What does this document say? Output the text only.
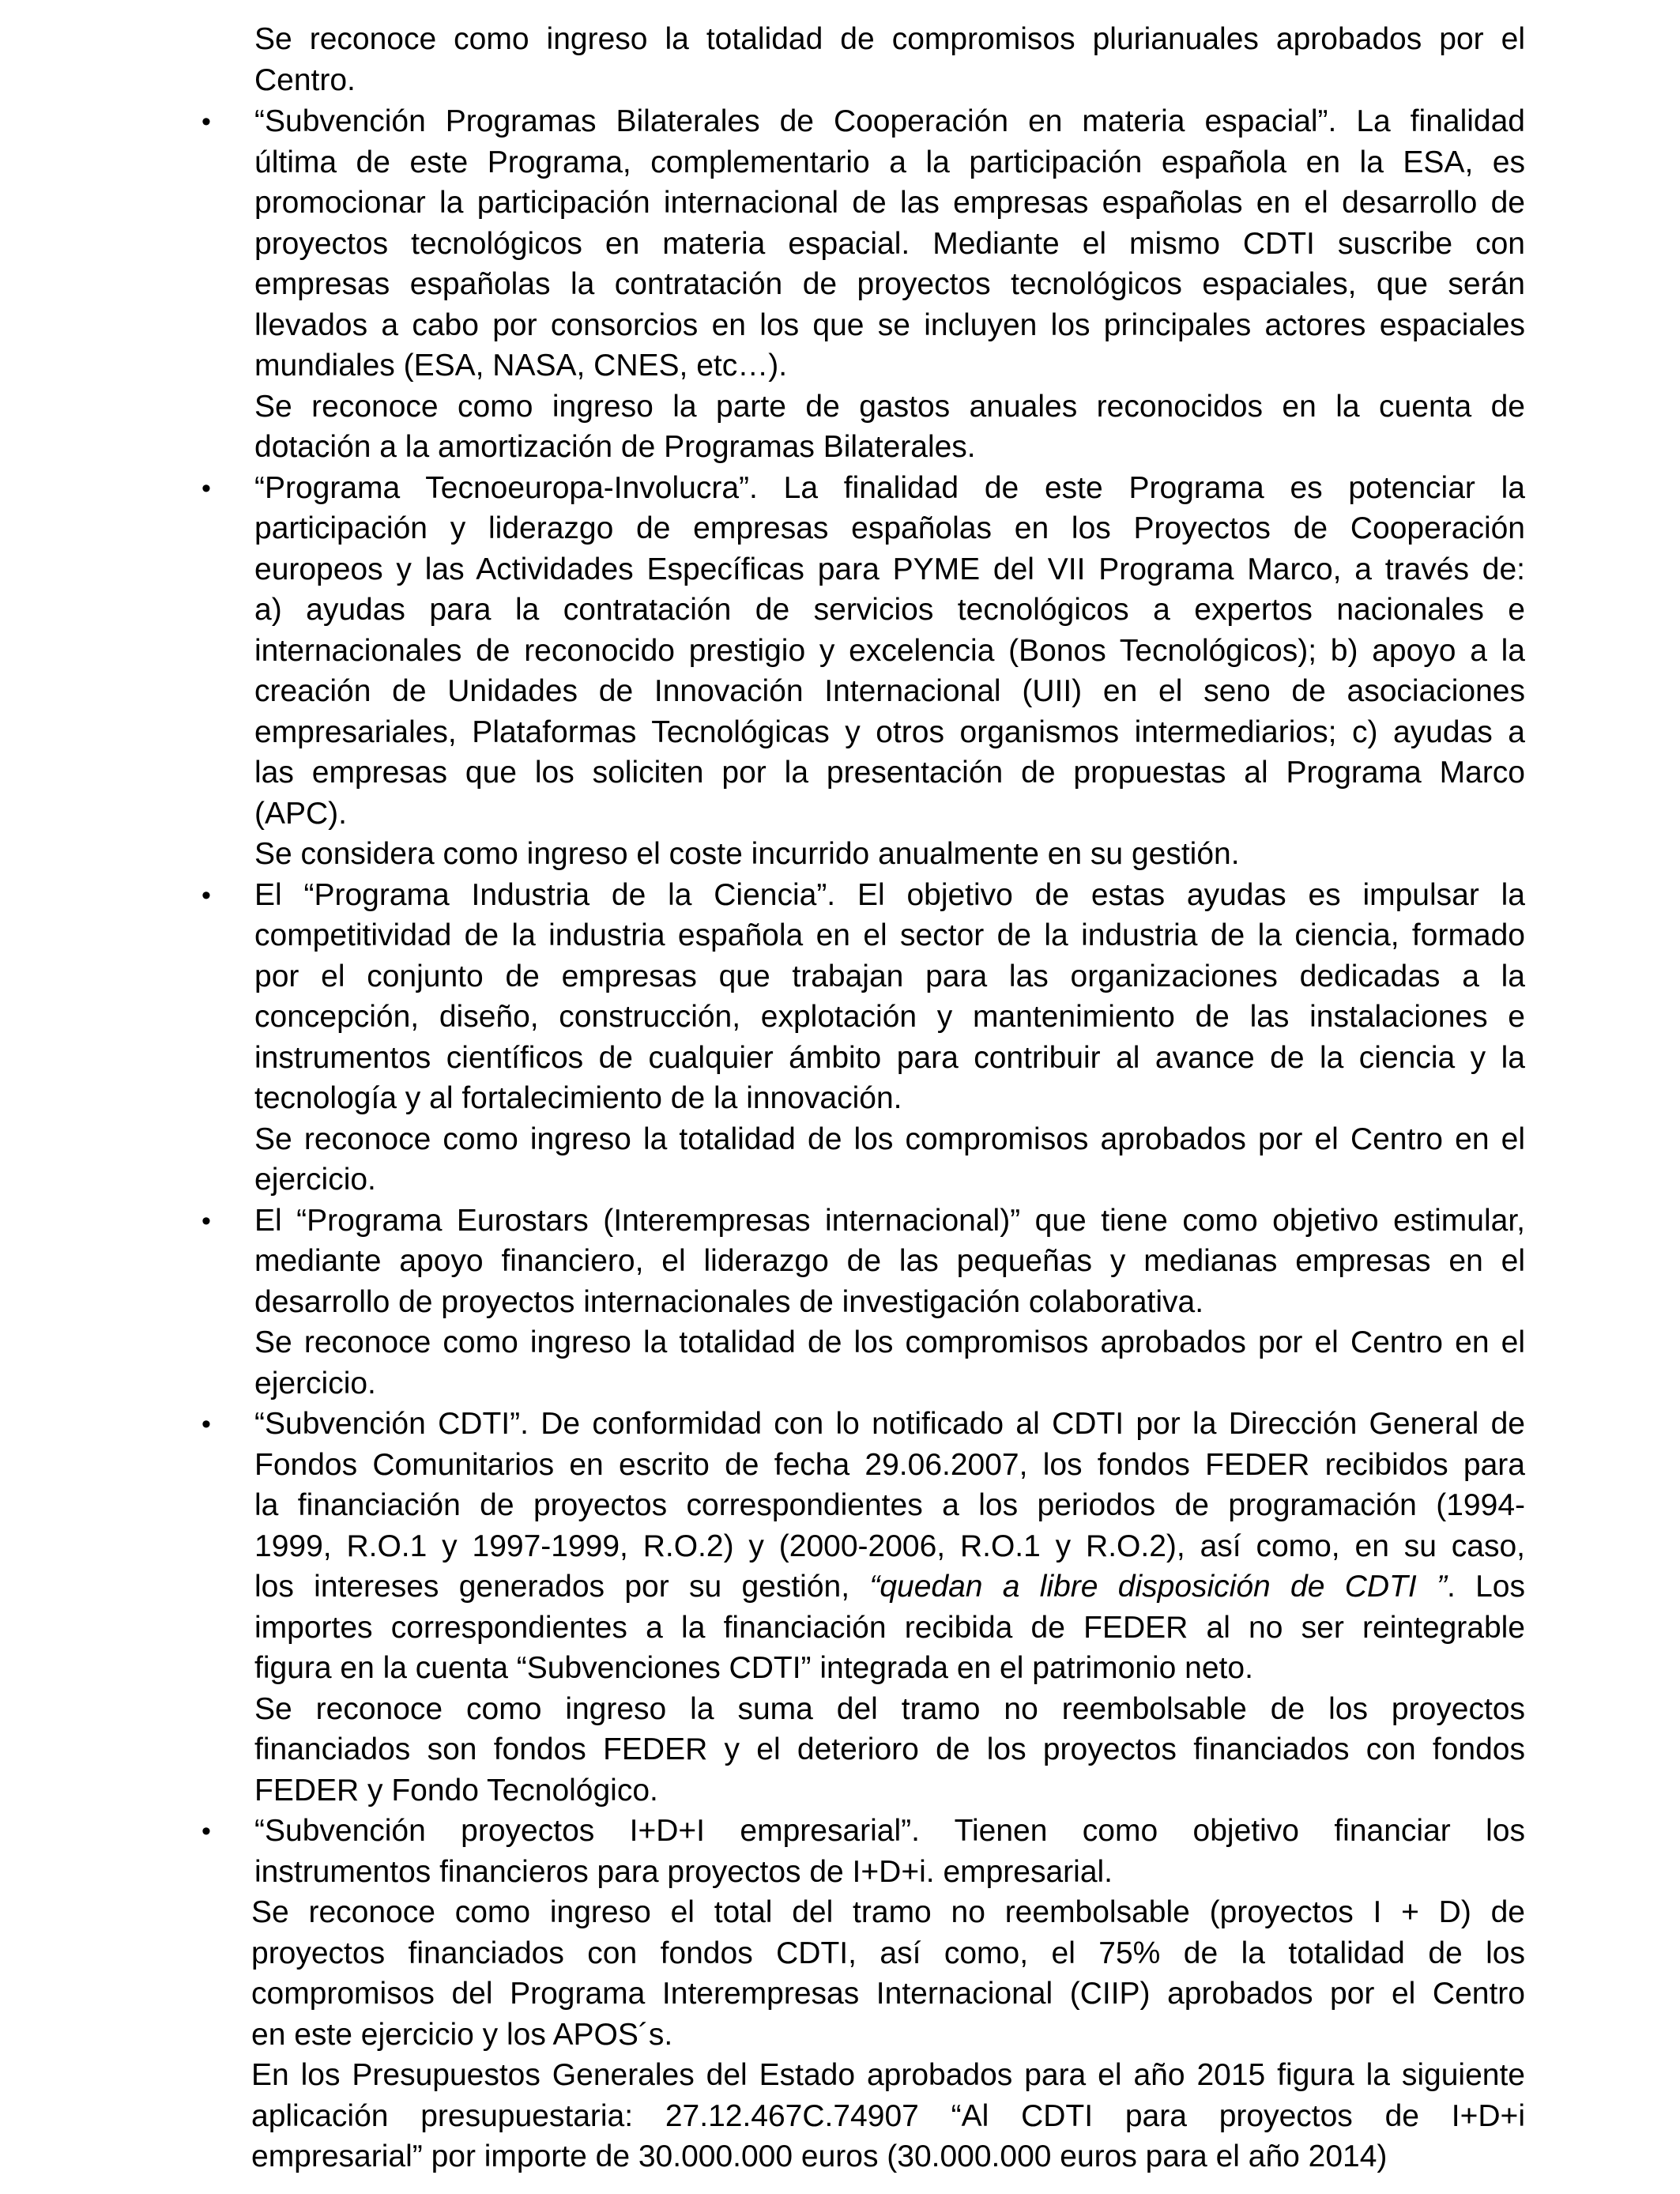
Se reconoce como ingreso la totalidad de compromisos plurianuales aprobados por el
Centro.
• “Subvención Programas Bilaterales de Cooperación en materia espacial”. La finalidad
última de este Programa, complementario a la participación española en la ESA, es
promocionar la participación internacional de las empresas españolas en el desarrollo de
proyectos tecnológicos en materia espacial. Mediante el mismo CDTI suscribe con
empresas españolas la contratación de proyectos tecnológicos espaciales, que serán
llevados a cabo por consorcios en los que se incluyen los principales actores espaciales
mundiales (ESA, NASA, CNES, etc…).
Se reconoce como ingreso la parte de gastos anuales reconocidos en la cuenta de
dotación a la amortización de Programas Bilaterales.
• “Programa Tecnoeuropa-Involucra”. La finalidad de este Programa es potenciar la
participación y liderazgo de empresas españolas en los Proyectos de Cooperación
europeos y las Actividades Específicas para PYME del VII Programa Marco, a través de:
a) ayudas para la contratación de servicios tecnológicos a expertos nacionales e
internacionales de reconocido prestigio y excelencia (Bonos Tecnológicos); b) apoyo a la
creación de Unidades de Innovación Internacional (UII) en el seno de asociaciones
empresariales, Plataformas Tecnológicas y otros organismos intermediarios; c) ayudas a
las empresas que los soliciten por la presentación de propuestas al Programa Marco
(APC).
Se considera como ingreso el coste incurrido anualmente en su gestión.
• El “Programa Industria de la Ciencia”. El objetivo de estas ayudas es impulsar la
competitividad de la industria española en el sector de la industria de la ciencia, formado
por el conjunto de empresas que trabajan para las organizaciones dedicadas a la
concepción, diseño, construcción, explotación y mantenimiento de las instalaciones e
instrumentos científicos de cualquier ámbito para contribuir al avance de la ciencia y la
tecnología y al fortalecimiento de la innovación.
Se reconoce como ingreso la totalidad de los compromisos aprobados por el Centro en el
ejercicio.
• El “Programa Eurostars (Interempresas internacional)” que tiene como objetivo estimular,
mediante apoyo financiero, el liderazgo de las pequeñas y medianas empresas en el
desarrollo de proyectos internacionales de investigación colaborativa.
Se reconoce como ingreso la totalidad de los compromisos aprobados por el Centro en el
ejercicio.
• “Subvención CDTI”. De conformidad con lo notificado al CDTI por la Dirección General de
Fondos Comunitarios en escrito de fecha 29.06.2007, los fondos FEDER recibidos para
la financiación de proyectos correspondientes a los periodos de programación (1994-
1999, R.O.1 y 1997-1999, R.O.2) y (2000-2006, R.O.1 y R.O.2), así como, en su caso,
los intereses generados por su gestión, “quedan a libre disposición de CDTI ”. Los
importes correspondientes a la financiación recibida de FEDER al no ser reintegrable
figura en la cuenta “Subvenciones CDTI” integrada en el patrimonio neto.
Se reconoce como ingreso la suma del tramo no reembolsable de los proyectos
financiados son fondos FEDER y el deterioro de los proyectos financiados con fondos
FEDER y Fondo Tecnológico.
• “Subvención proyectos I+D+I empresarial”. Tienen como objetivo financiar los
instrumentos financieros para proyectos de I+D+i. empresarial.
Se reconoce como ingreso el total del tramo no reembolsable (proyectos I + D) de
proyectos financiados con fondos CDTI, así como, el 75% de la totalidad de los
compromisos del Programa Interempresas Internacional (CIIP) aprobados por el Centro
en este ejercicio y los APOS´s.
En los Presupuestos Generales del Estado aprobados para el año 2015 figura la siguiente
aplicación presupuestaria: 27.12.467C.74907 “Al CDTI para proyectos de I+D+i
empresarial” por importe de 30.000.000 euros (30.000.000 euros para el año 2014)
